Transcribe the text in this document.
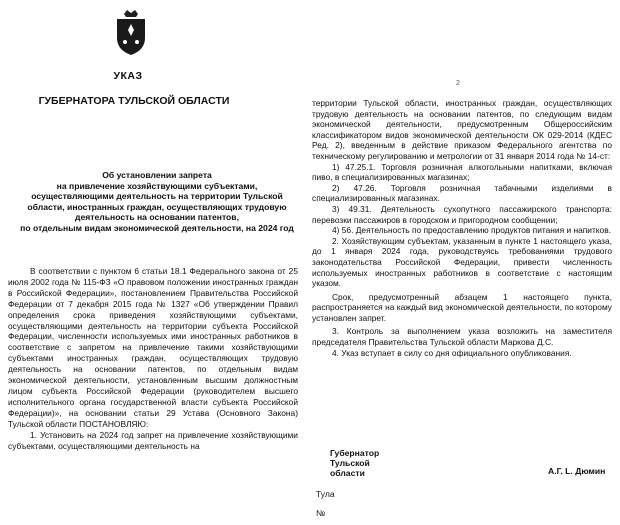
УКАЗ
ГУБЕРНАТОРА ТУЛЬСКОЙ ОБЛАСТИ
Об установлении запрета
на привлечение хозяйствующими субъектами,
осуществляющими деятельность на территории Тульской
области, иностранных граждан, осуществляющих трудовую
деятельность на основании патентов,
по отдельным видам экономической деятельности, на 2024 год

В соответствии с пунктом 6 статьи 18.1 Федерального закона от 25 июля 2002 года № 115-ФЗ «О правовом положении иностранных граждан в Российской Федерации», постановлением Правительства Российской Федерации от 7 декабря 2015 года № 1327 «Об утверждении Правил определения срока приведения хозяйствующими субъектами, осуществляющими деятельность на территории субъекта Российской Федерации, численности используемых ими иностранных работников в соответствие с запретом на привлечение такими хозяйствующими субъектами иностранных граждан, осуществляющих трудовую деятельность на основании патентов, по отдельным видам экономической деятельности, установленным высшим должностным лицом субъекта Российской Федерации (руководителем высшего исполнительного органа государственной власти субъекта Российской Федерации)», на основании статьи 29 Устава (Основного Закона) Тульской области ПОСТАНОВЛЯЮ:

1. Установить на 2024 год запрет на привлечение хозяйствующими субъектами, осуществляющими деятельность на

2

территории Тульской области, иностранных граждан, осуществляющих трудовую деятельность на основании патентов, по следующим видам экономической деятельности, предусмотренным Общероссийским классификатором видов экономической деятельности ОК 029-2014 (КДЕС Ред. 2), введенным в действие приказом Федерального агентства по техническому регулированию и метрологии от 31 января 2014 года № 14-ст:

1) 47.25.1. Торговля розничная алкогольными напитками, включая пиво, в специализированных магазинах;

2) 47.26. Торговля розничная табачными изделиями в специализированных магазинах.

3) 49.31. Деятельность сухопутного пассажирского транспорта: перевозки пассажиров в городском и пригородном сообщении;

4) 56. Деятельность по предоставлению продуктов питания и напитков.

2. Хозяйствующим субъектам, указанным в пункте 1 настоящего указа, до 1 января 2024 года, руководствуясь требованиями трудового законодательства Российской Федерации, привести численность используемых иностранных работников в соответствие с настоящим указом.

Срок, предусмотренный абзацем 1 настоящего пункта, распространяется на каждый вид экономической деятельности, по которому установлен запрет.

3. Контроль за выполнением указа возложить на заместителя председателя Правительства Тульской области Маркова Д.С.

4. Указ вступает в силу со дня официального опубликования.

Губернатор
Тульской
области	А.Г. L. Дюмин
Тула
№
